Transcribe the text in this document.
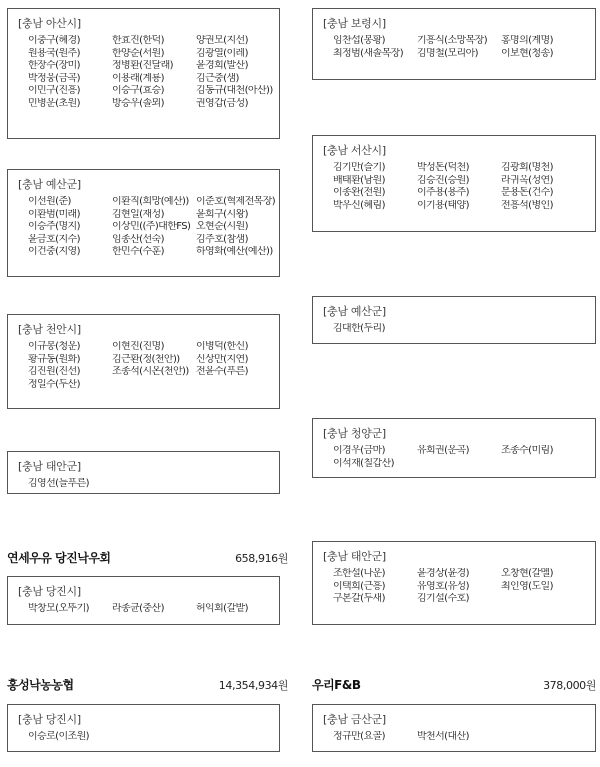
[충남 아산시]
이충구(혜경)	한효진(한덕)	양권모(지선)
원용국(원주)	한양순(서원)	김광열(이레)
한장수(장미)	정병환(진달래)	윤경희(발산)
박정웅(금곡)	이용래(계룡)	김근중(샘)
이민구(진흥)	이승구(효승)	김동규(대천(아산))
민병운(초원)	방승우(솔뫼)	권영갑(금성)
[충남 예산군]
이선원(준)	이환직(희망(예산)) 이준호(혁제전목장)
이환범(미래)	김현일(재성)	윤희구(시왕)
이승주(명지)	이상민((주)대한FS) 오현순(시원)
윤금호(지수)	임종산(선숙)	김주호(참샘)
이건중(지영)	한민수(수훈)	하영화(예산(예산))
[충남 천안시]
이규봉(청운)	이현진(진명)	이병덕(한신)
황규동(원화)	김근환(정(천안))	신상만(지연)
김진원(진선)	조종석(시온(천안)) 전윤수(푸른)
정일수(두산)
[충남 태안군]
김영선(늘푸른)
연세우유 당진낙우회	658,916원
[충남 당진시]
박창모(오뚜기)	라종균(중산)	허익회(갈밭)
홍성낙농농협	14,354,934원
[충남 당진시]
이승로(이조원)
[충남 보령시]
임찬섭(봉황)	기흥식(소망목장)	홍명의(계명)
최정범(새솔목장)	김명철(모리아)	이보현(청송)
[충남 서산시]
김기만(슬기)	박성돈(덕천)	김광회(명천)
배태환(남원)	김승진(승원)	라귀옥(성연)
이종완(전원)	이주용(용주)	문용돈(건수)
박우신(혜림)	이기용(태양)	전흥석(병인)
[충남 예산군]
김대한(두리)
[충남 청양군]
이경우(금마)	유희권(운곡)	조종수(미림)
이석재(칠갑산)
[충남 태안군]
조한설(나운)	윤경상(윤경)	오창현(갈멜)
이택희(근흥)	유영호(유성)	최인영(도일)
구본갈(두새)	김기설(수호)
우리F&B	378,000원
[충남 금산군]
정규만(요골)	박천서(대산)
